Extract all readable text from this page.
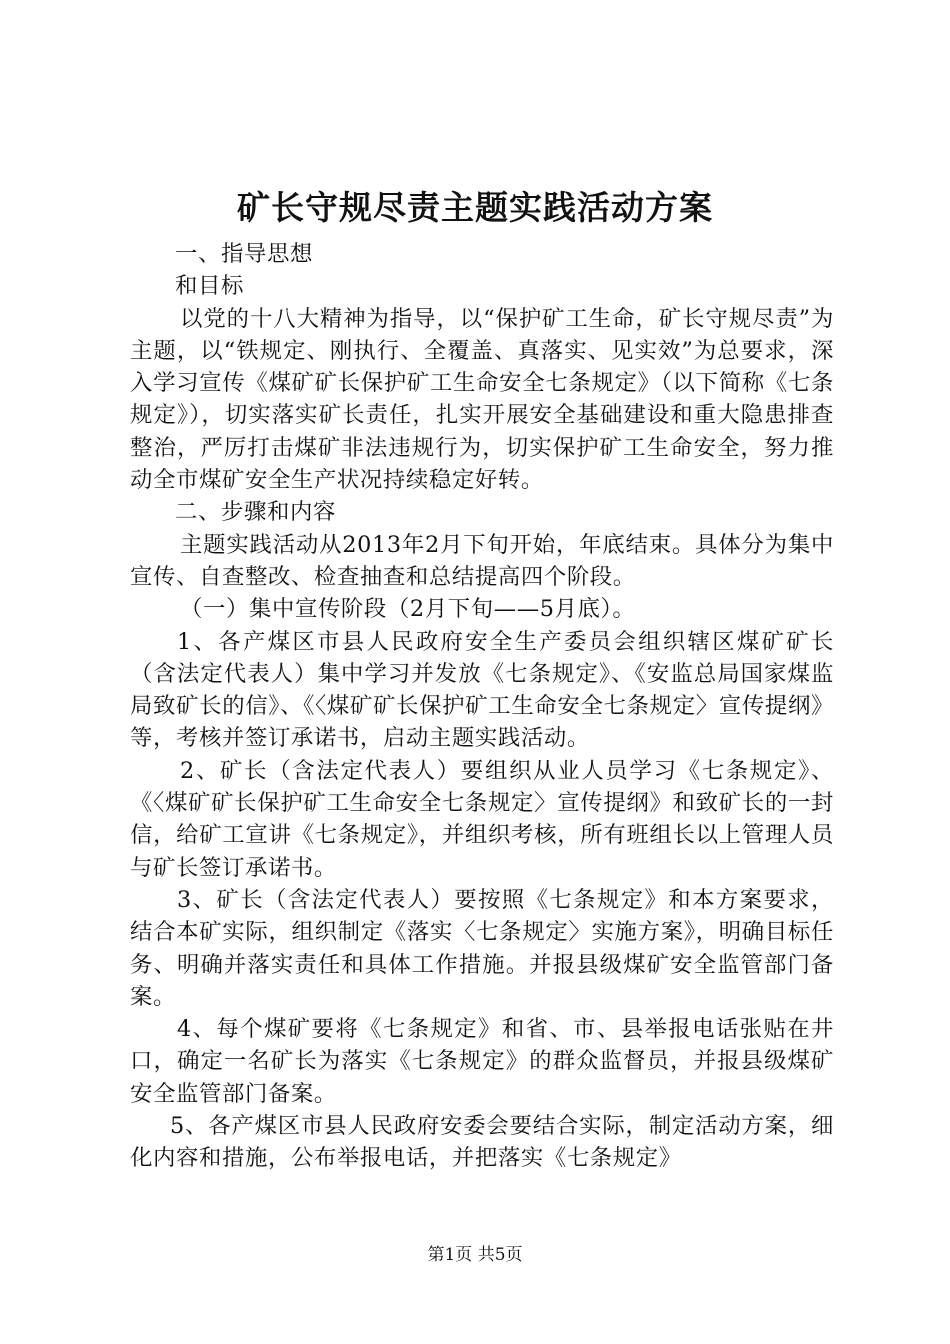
矿长守规尽责主题实践活动方案

一、指导思想

和目标

以党的十八大精神为指导，以“保护矿工生命，矿长守规尽责”为主题，以“铁规定、刚执行、全覆盖、真落实、见实效”为总要求，深入学习宣传《煤矿矿长保护矿工生命安全七条规定》（以下简称《七条规定》），切实落实矿长责任，扎实开展安全基础建设和重大隐患排查整治，严厉打击煤矿非法违规行为，切实保护矿工生命安全，努力推动全市煤矿安全生产状况持续稳定好转。

二、步骤和内容

主题实践活动从2013年2月下旬开始，年底结束。具体分为集中宣传、自查整改、检查抽查和总结提高四个阶段。

（一）集中宣传阶段（2月下旬——5月底）。

1、各产煤区市县人民政府安全生产委员会组织辖区煤矿矿长（含法定代表人）集中学习并发放《七条规定》、《安监总局国家煤监局致矿长的信》、《〈煤矿矿长保护矿工生命安全七条规定〉宣传提纲》等，考核并签订承诺书，启动主题实践活动。

2、矿长（含法定代表人）要组织从业人员学习《七条规定》、《〈煤矿矿长保护矿工生命安全七条规定〉宣传提纲》和致矿长的一封信，给矿工宣讲《七条规定》，并组织考核，所有班组长以上管理人员与矿长签订承诺书。

3、矿长（含法定代表人）要按照《七条规定》和本方案要求，结合本矿实际，组织制定《落实〈七条规定〉实施方案》，明确目标任务、明确并落实责任和具体工作措施。并报县级煤矿安全监管部门备案。

4、每个煤矿要将《七条规定》和省、市、县举报电话张贴在井口，确定一名矿长为落实《七条规定》的群众监督员，并报县级煤矿安全监管部门备案。

5、各产煤区市县人民政府安委会要结合实际，制定活动方案，细化内容和措施，公布举报电话，并把落实《七条规定》

第1页 共5页
